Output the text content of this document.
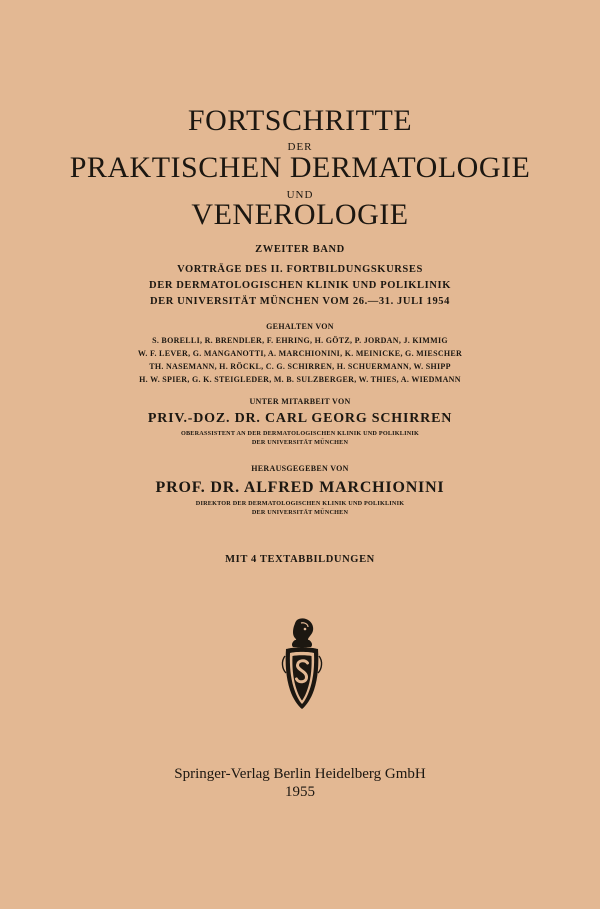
FORTSCHRITTE
DER
PRAKTISCHEN DERMATOLOGIE
UND
VENEROLOGIE
ZWEITER BAND
VORTRÄGE DES II. FORTBILDUNGSKURSES
DER DERMATOLOGISCHEN KLINIK UND POLIKLINIK
DER UNIVERSITÄT MÜNCHEN VOM 26.—31. JULI 1954
GEHALTEN VON
S. BORELLI, R. BRENDLER, F. EHRING, H. GÖTZ, P. JORDAN, J. KIMMIG
W. F. LEVER, G. MANGANOTTI, A. MARCHIONINI, K. MEINICKE, G. MIESCHER
TH. NASEMANN, H. RÖCKL, C. G. SCHIRREN, H. SCHUERMANN, W. SHIPP
H. W. SPIER, G. K. STEIGLEDER, M. B. SULZBERGER, W. THIES, A. WIEDMANN
UNTER MITARBEIT VON
PRIV.-DOZ. DR. CARL GEORG SCHIRREN
OBERASSISTENT AN DER DERMATOLOGISCHEN KLINIK UND POLIKLINIK
DER UNIVERSITÄT MÜNCHEN
HERAUSGEGEBEN VON
PROF. DR. ALFRED MARCHIONINI
DIREKTOR DER DERMATOLOGISCHEN KLINIK UND POLIKLINIK
DER UNIVERSITÄT MÜNCHEN
MIT 4 TEXTABBILDUNGEN
Springer-Verlag Berlin Heidelberg GmbH
1955
